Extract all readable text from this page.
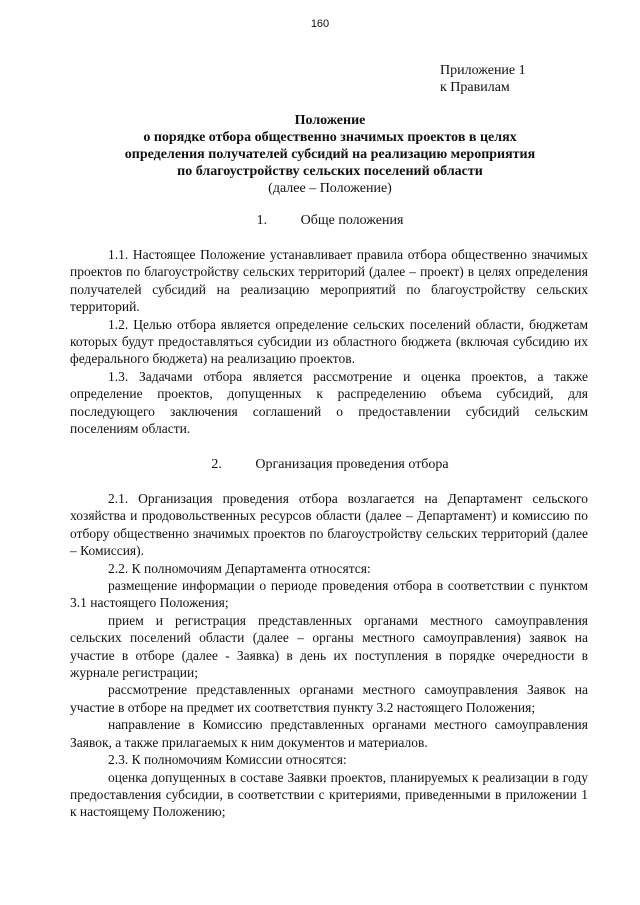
160
Приложение 1
к Правилам
Положение
о порядке отбора общественно значимых проектов в целях
определения получателей субсидий на реализацию мероприятия
по благоустройству сельских поселений области
(далее – Положение)
1. Обще положения

1.1. Настоящее Положение устанавливает правила отбора общественно значимых проектов по благоустройству сельских территорий (далее – проект) в целях определения получателей субсидий на реализацию мероприятий по благоустройству сельских территорий.

1.2. Целью отбора является определение сельских поселений области, бюджетам которых будут предоставляться субсидии из областного бюджета (включая субсидию их федерального бюджета) на реализацию проектов.

1.3. Задачами отбора является рассмотрение и оценка проектов, а также определение проектов, допущенных к распределению объема субсидий, для последующего заключения соглашений о предоставлении субсидий сельским поселениям области.

2. Организация проведения отбора

2.1. Организация проведения отбора возлагается на Департамент сельского хозяйства и продовольственных ресурсов области (далее – Департамент) и комиссию по отбору общественно значимых проектов по благоустройству сельских территорий (далее – Комиссия).

2.2. К полномочиям Департамента относятся:

размещение информации о периоде проведения отбора в соответствии с пунктом 3.1 настоящего Положения;

прием и регистрация представленных органами местного самоуправления сельских поселений области (далее – органы местного самоуправления) заявок на участие в отборе (далее - Заявка) в день их поступления в порядке очередности в журнале регистрации;

рассмотрение представленных органами местного самоуправления Заявок на участие в отборе на предмет их соответствия пункту 3.2 настоящего Положения;

направление в Комиссию представленных органами местного самоуправления Заявок, а также прилагаемых к ним документов и материалов.

2.3. К полномочиям Комиссии относятся:

оценка допущенных в составе Заявки проектов, планируемых к реализации в году предоставления субсидии, в соответствии с критериями, приведенными в приложении 1 к настоящему Положению;
